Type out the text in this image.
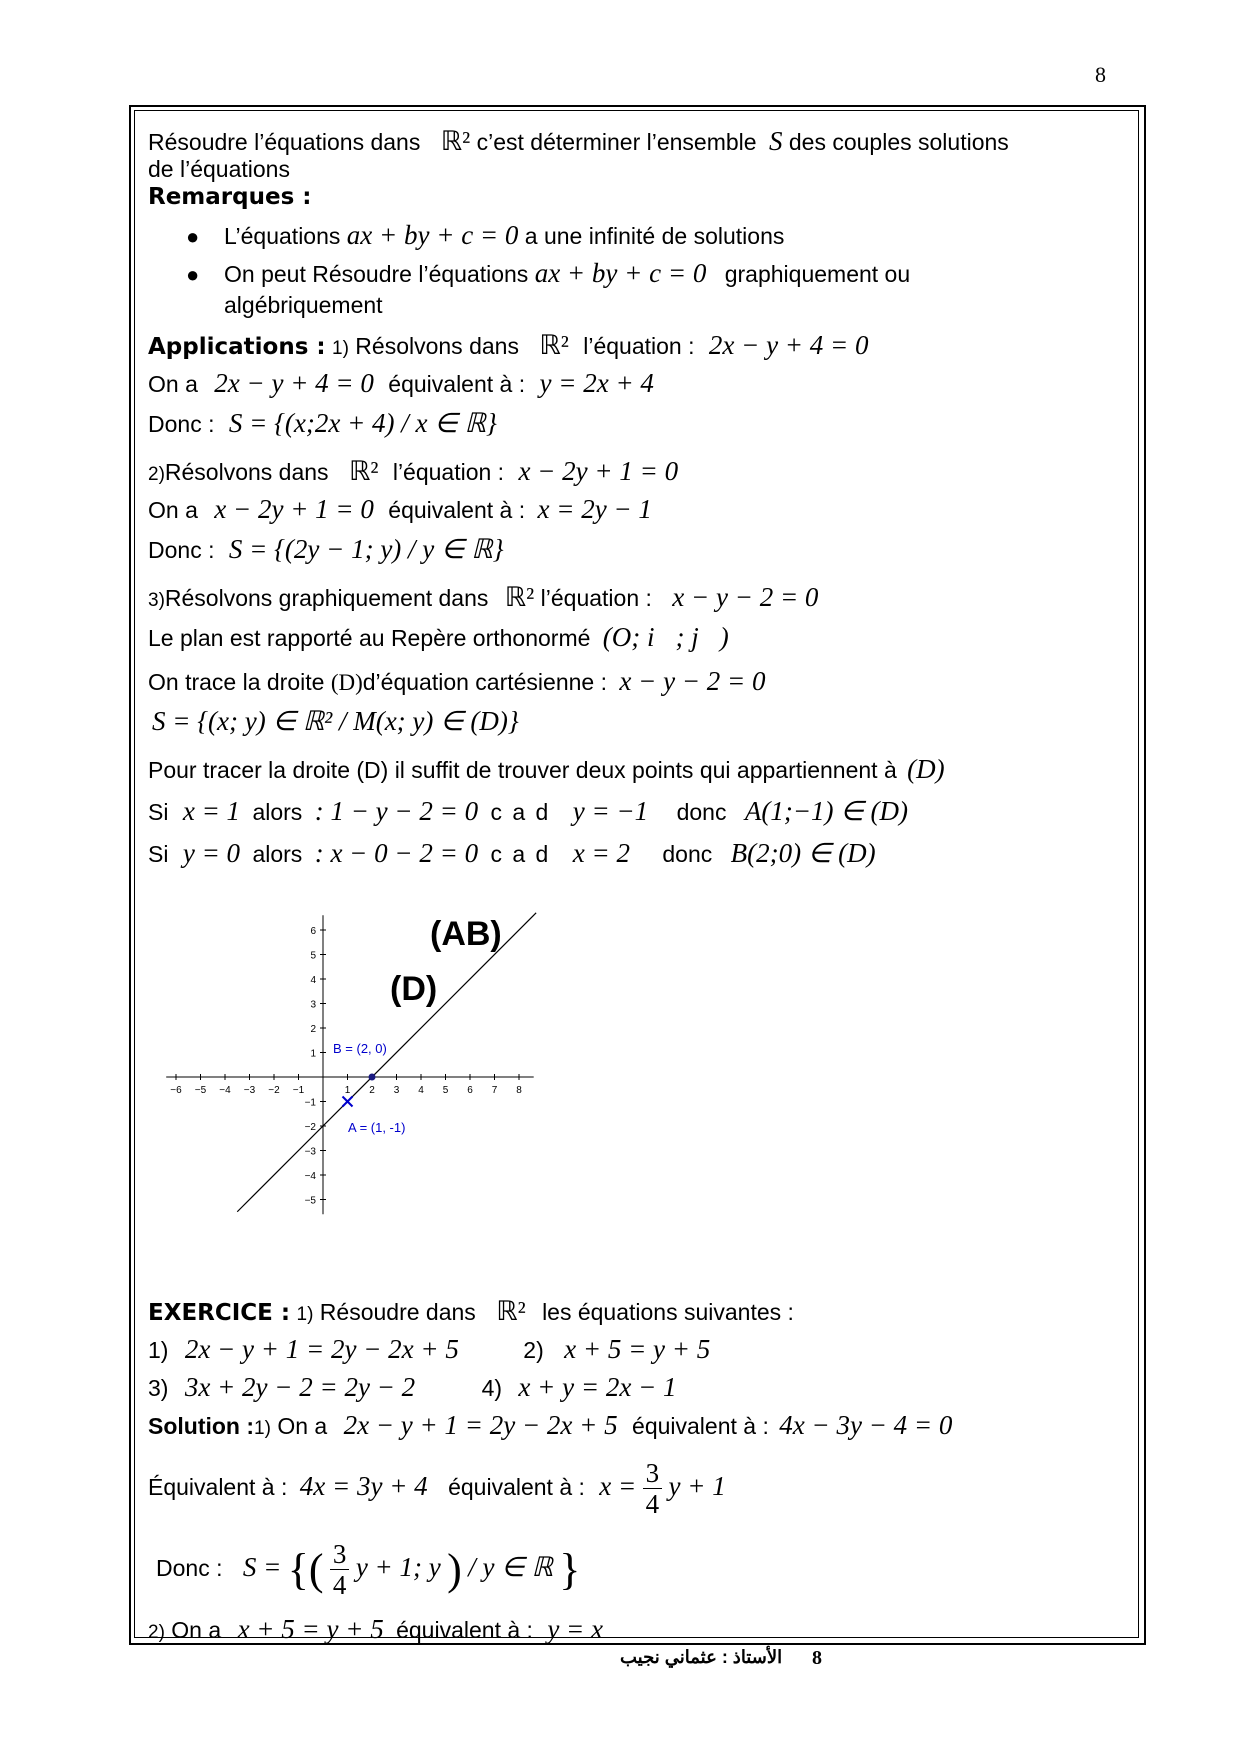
8
Résoudre l’équations dans ℝ² c’est déterminer l’ensemble S des couples solutions
de l’équations
Remarques :
● L’équations ax + by + c = 0 a une infinité de solutions
● On peut Résoudre l’équations ax + by + c = 0 graphiquement ou
algébriquement
Applications : 1) Résolvons dans ℝ² l’équation : 2x − y + 4 = 0
On a 2x − y + 4 = 0 équivalent à : y = 2x + 4
Donc : S = {(x;2x + 4) / x ∈ ℝ}
2)Résolvons dans ℝ² l’équation : x − 2y + 1 = 0
On a x − 2y + 1 = 0 équivalent à : x = 2y − 1
Donc : S = {(2y − 1; y) / y ∈ ℝ}
3)Résolvons graphiquement dans ℝ² l’équation : x − y − 2 = 0
Le plan est rapporté au Repère orthonormé (O; i⃗; j⃗)
On trace la droite (D)d’équation cartésienne : x − y − 2 = 0
S = {(x; y) ∈ ℝ² / M(x; y) ∈ (D)}
Pour tracer la droite (D) il suffit de trouver deux points qui appartiennent à (D)
Si x = 1 alors : 1 − y − 2 = 0 c a d y = −1 donc A(1;−1) ∈ (D)
Si y = 0 alors : x − 0 − 2 = 0 c a d x = 2 donc B(2;0) ∈ (D)
−6 −5 −4 −3 −2 −1	1 2 3 4 5 6 7 8
1
2
3
4
5
6
−1
−2
−3
−4
−5
(AB)
(D)
B = (2, 0)
A = (1, -1)
EXERCICE : 1) Résoudre dans ℝ² les équations suivantes :
1) 2x − y + 1 = 2y − 2x + 5	2) x + 5 = y + 5
3) 3x + 2y − 2 = 2y − 2	4) x + y = 2x − 1
Solution :1) On a 2x − y + 1 = 2y − 2x + 5 équivalent à : 4x − 3y − 4 = 0
Équivalent à : 4x = 3y + 4 équivalent à : $x = \frac{3}{4}$ y + 1
Donc : S = {( $\frac{3}{4}$ y + 1; y ) / y ∈ ℝ }
2) On a x + 5 = y + 5 équivalent à : y = x
الأستاذ : عثماني نجيب 8
